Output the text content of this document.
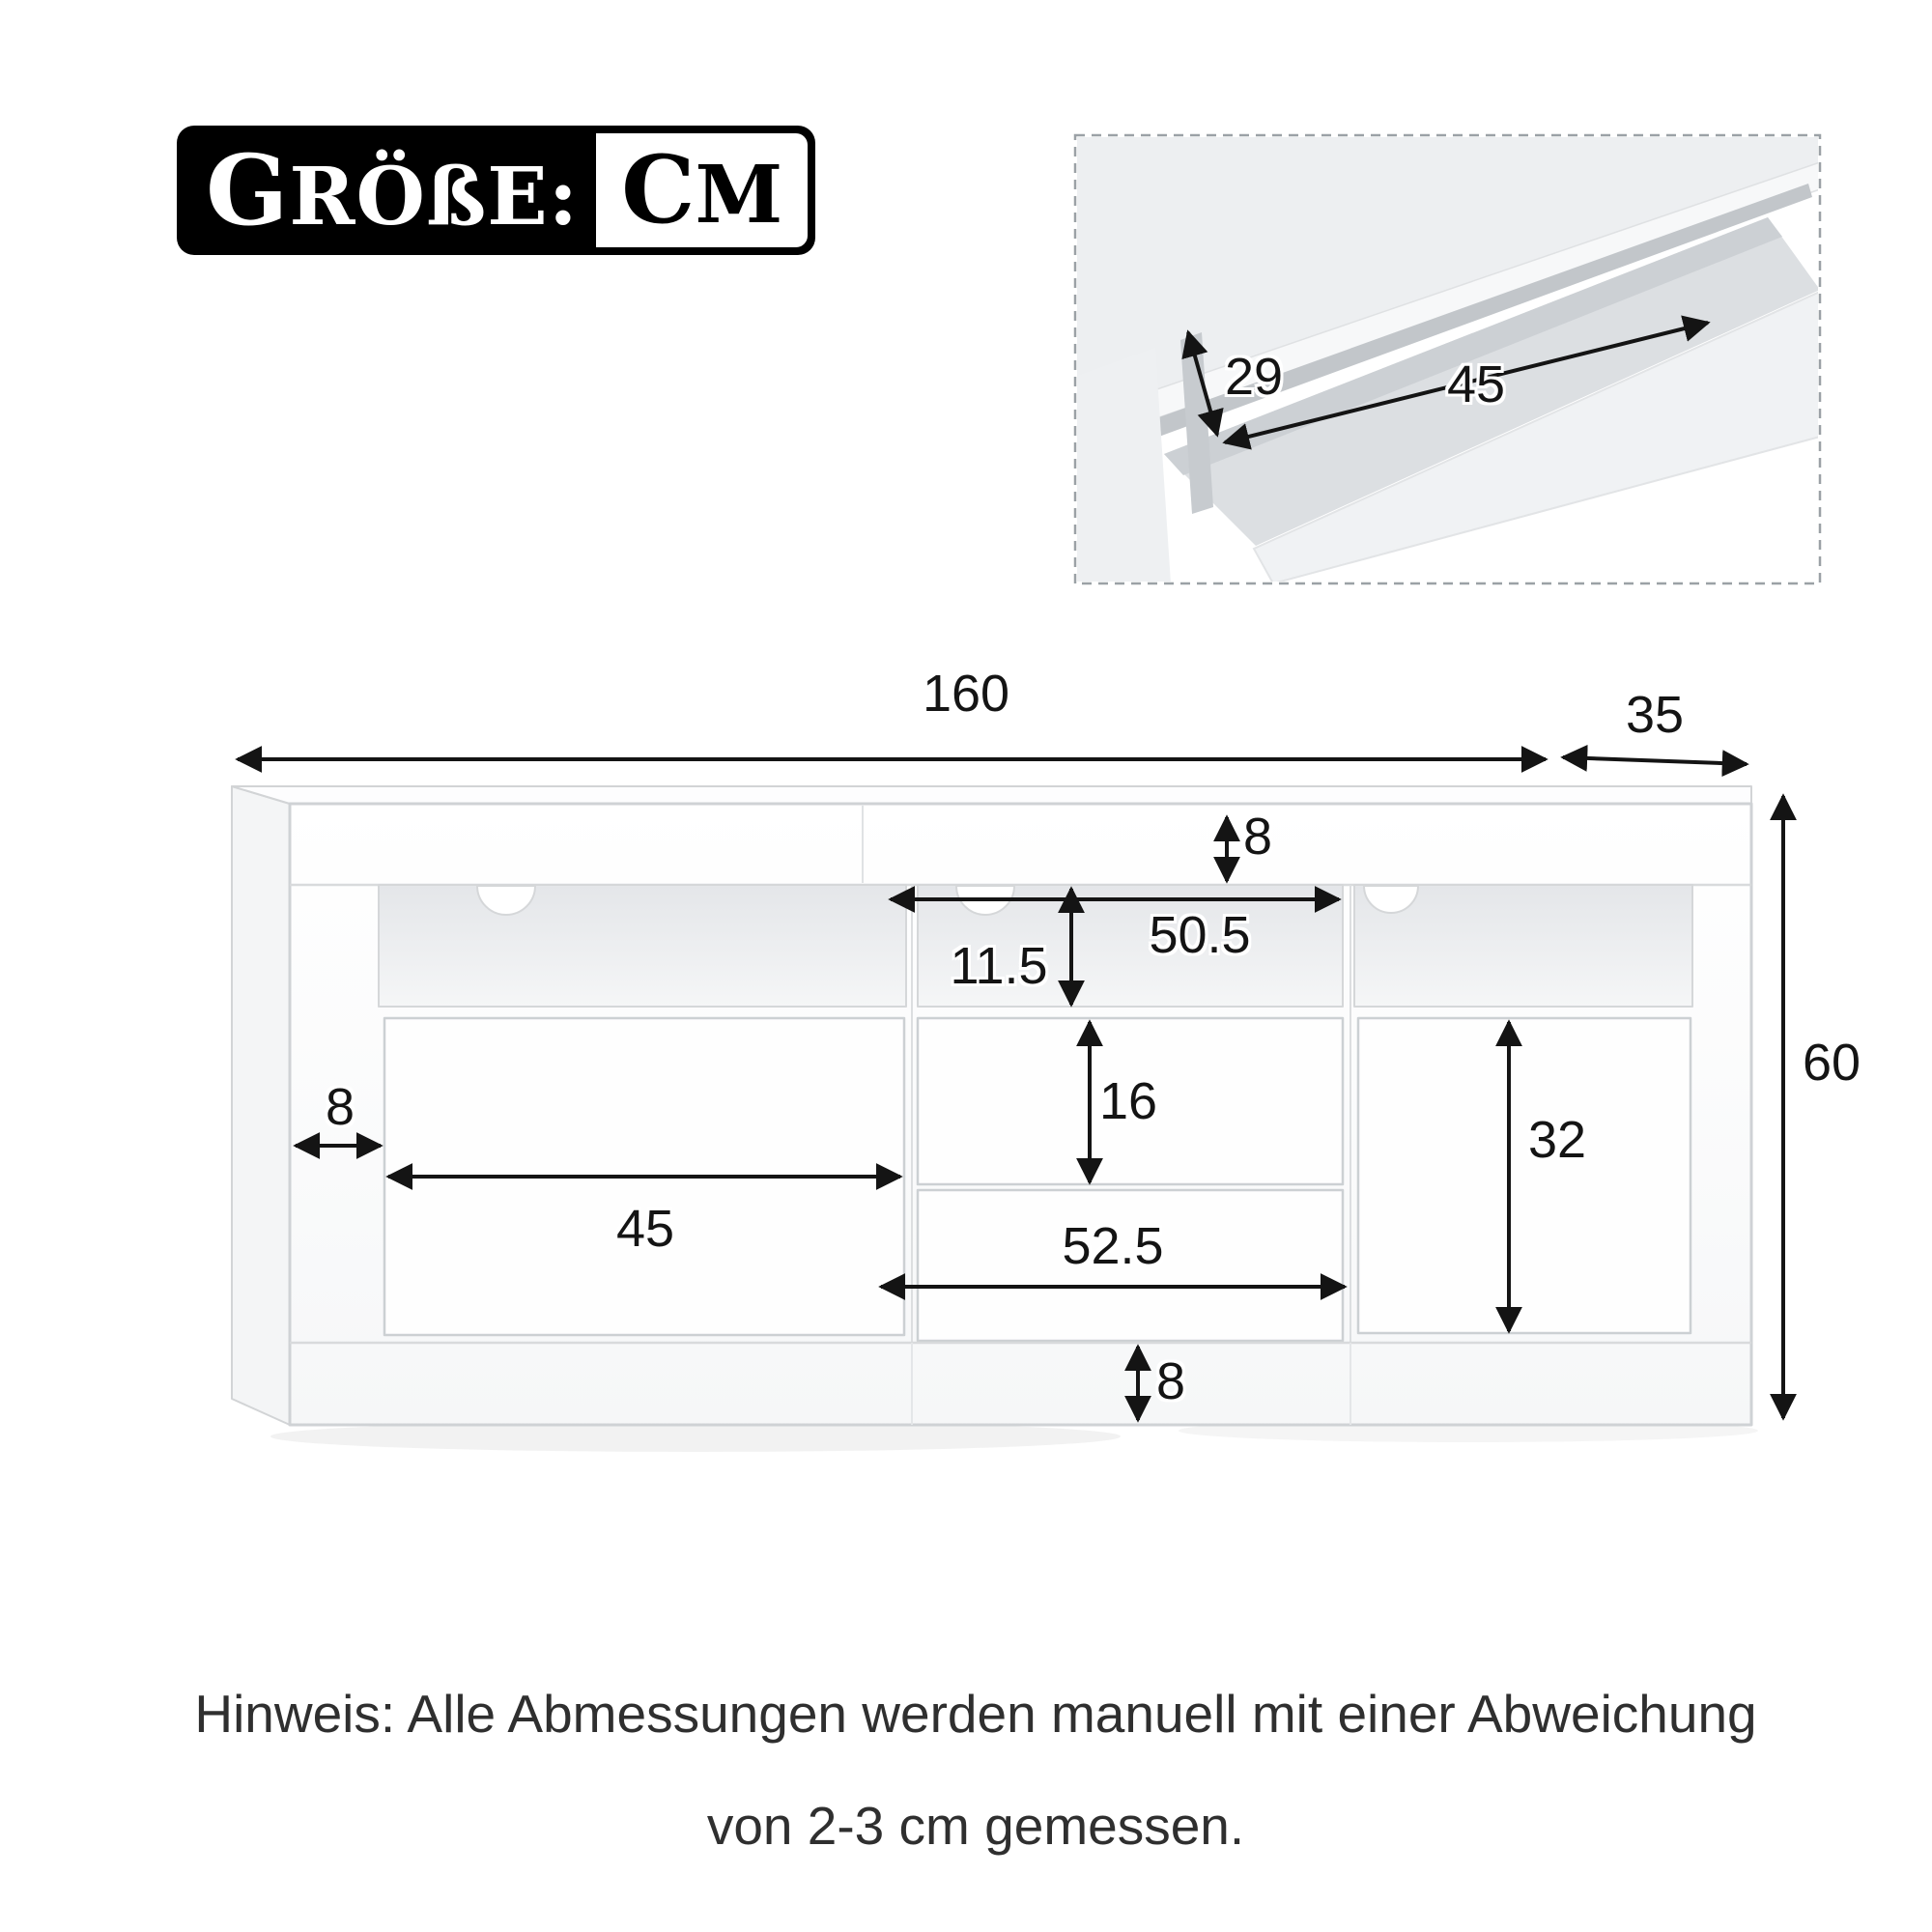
GRÖßE: CM
160	35
60
8
50.5
11.5
16
45
8
52.5
32
8
29	45
Hinweis: Alle Abmessungen werden manuell mit einer Abweichung
von 2-3 cm gemessen.
